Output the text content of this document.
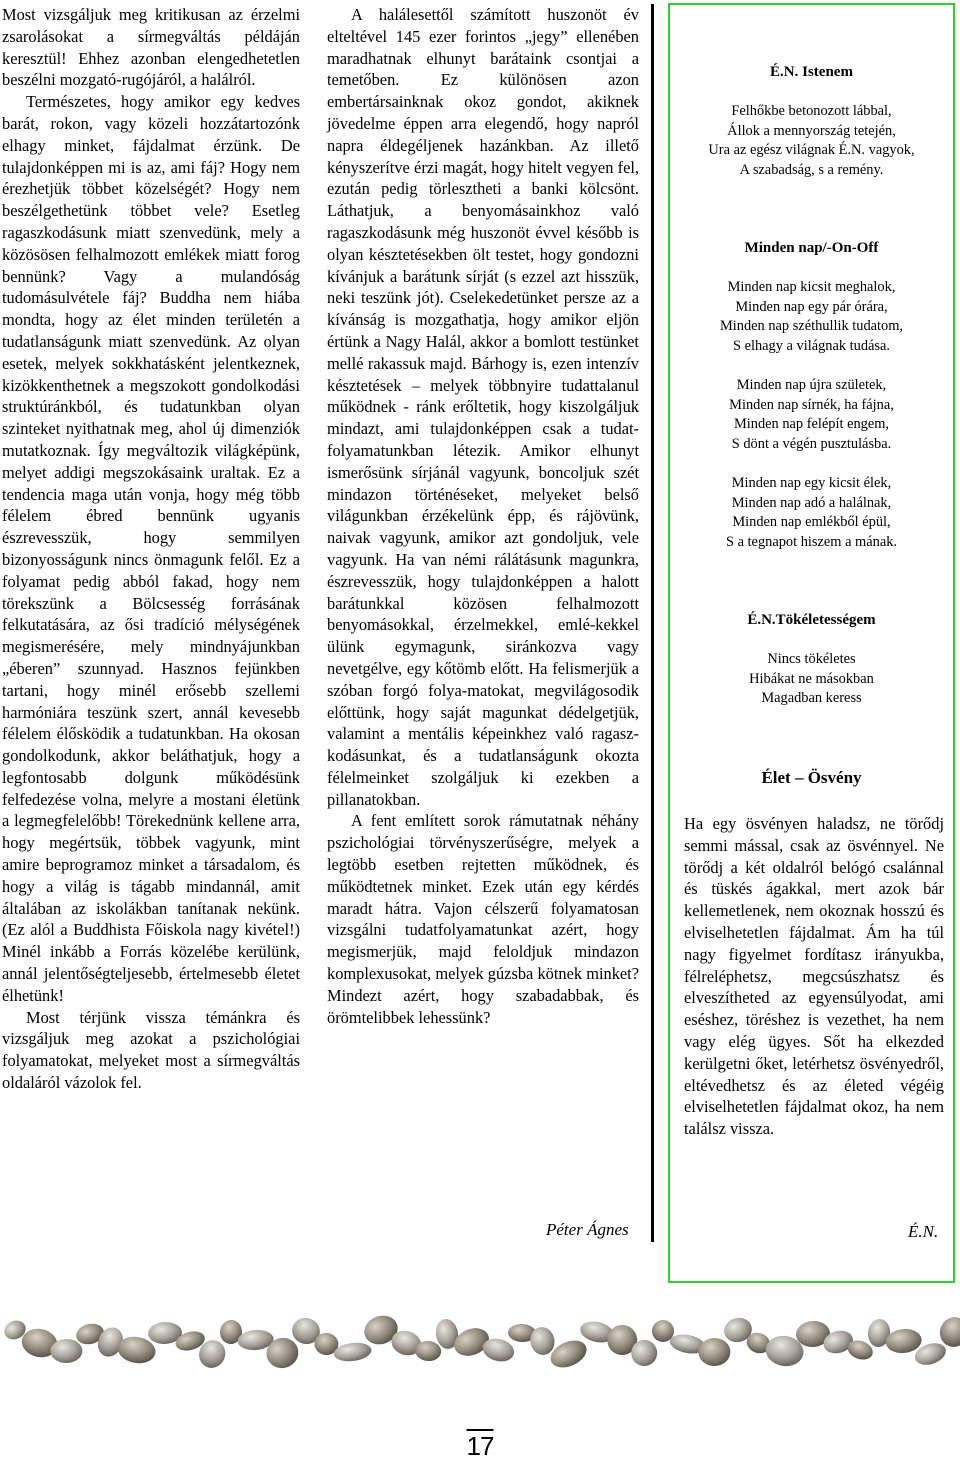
Most vizsgáljuk meg kritikusan az érzelmi zsarolásokat a sírmegváltás példáján keresztül! Ehhez azonban elengedhetetlen beszélni mozgató-rugójáról, a halálról.

Természetes, hogy amikor egy kedves barát, rokon, vagy közeli hozzátartozónk elhagy minket, fájdalmat érzünk. De tulajdonképpen mi is az, ami fáj? Hogy nem érezhetjük többet közelségét? Hogy nem beszélgethetünk többet vele? Esetleg ragaszkodásunk miatt szenvedünk, mely a közösösen felhalmozott emlékek miatt forog bennünk? Vagy a mulandóság tudomásulvétele fáj? Buddha nem hiába mondta, hogy az élet minden területén a tudatlanságunk miatt szenvedünk. Az olyan esetek, melyek sokkhatásként jelentkeznek, kizökkenthetnek a megszokott gondolkodási struktúránkból, és tudatunkban olyan szinteket nyithatnak meg, ahol új dimenziók mutatkoznak. Így megváltozik világképünk, melyet addigi megszokásaink uraltak. Ez a tendencia maga után vonja, hogy még több félelem ébred bennünk ugyanis észrevesszük, hogy semmilyen bizonyosságunk nincs önmagunk felől. Ez a folyamat pedig abból fakad, hogy nem törekszünk a Bölcsesség forrásának felkutatására, az ősi tradíció mélységének megismerésére, mely mindnyájunkban „éberen” szunnyad. Hasznos fejünkben tartani, hogy minél erősebb szellemi harmóniára teszünk szert, annál kevesebb félelem élősködik a tudatunkban. Ha okosan gondolkodunk, akkor beláthatjuk, hogy a legfontosabb dolgunk működésünk felfedezése volna, melyre a mostani életünk a legmegfelelőbb! Törekednünk kellene arra, hogy megértsük, többek vagyunk, mint amire beprogramoz minket a társadalom, és hogy a világ is tágabb mindannál, amit általában az iskolákban tanítanak nekünk. (Ez alól a Buddhista Főiskola nagy kivétel!) Minél inkább a Forrás közelébe kerülünk, annál jelentőségteljesebb, értelmesebb életet élhetünk!

Most térjünk vissza témánkra és vizsgáljuk meg azokat a pszichológiai folyamatokat, melyeket most a sírmegváltás oldaláról vázolok fel.

A halálesettől számított huszonöt év elteltével 145 ezer forintos „jegy” ellenében maradhatnak elhunyt barátaink csontjai a temetőben. Ez különösen azon embertársainknak okoz gondot, akiknek jövedelme éppen arra elegendő, hogy napról napra éldegéljenek hazánkban. Az illető kényszerítve érzi magát, hogy hitelt vegyen fel, ezután pedig törlesztheti a banki kölcsönt. Láthatjuk, a benyomásainkhoz való ragaszkodásunk még huszonöt évvel később is olyan késztetésekben ölt testet, hogy gondozni kívánjuk a barátunk sírját (s ezzel azt hisszük, neki teszünk jót). Cselekedetünket persze az a kívánság is mozgathatja, hogy amikor eljön értünk a Nagy Halál, akkor a bomlott testünket mellé rakassuk majd. Bárhogy is, ezen intenzív késztetések – melyek többnyire tudattalanul működnek - ránk erőltetik, hogy kiszolgáljuk mindazt, ami tulajdonképpen csak a tudat-folyamatunkban létezik. Amikor elhunyt ismerősünk sírjánál vagyunk, boncoljuk szét mindazon történéseket, melyeket belső világunkban érzékelünk épp, és rájövünk, naivak vagyunk, amikor azt gondoljuk, vele vagyunk. Ha van némi rálátásunk magunkra, észrevesszük, hogy tulajdonképpen a halott barátunkkal közösen felhalmozott benyomásokkal, érzelmekkel, emlé-kekkel ülünk egymagunk, siránkozva vagy nevetgélve, egy kőtömb előtt. Ha felismerjük a szóban forgó folya-matokat, megvilágosodik előttünk, hogy saját magunkat dédelgetjük, valamint a mentális képeinkhez való ragasz-kodásunkat, és a tudatlanságunk okozta félelmeinket szolgáljuk ki ezekben a pillanatokban.

A fent említett sorok rámutatnak néhány pszichológiai törvényszerűségre, melyek a legtöbb esetben rejtetten működnek, és működtetnek minket. Ezek után egy kérdés maradt hátra. Vajon célszerű folyamatosan vizsgálni tudatfolyamatunkat azért, hogy megismerjük, majd feloldjuk mindazon komplexusokat, melyek gúzsba kötnek minket? Mindezt azért, hogy szabadabbak, és örömtelibbek lehessünk?

Péter Ágnes
É.N. Istenem
Felhőkbe betonozott lábbal,
Állok a mennyország tetején,
Ura az egész világnak É.N. vagyok,
A szabadság, s a remény.
Minden nap/-On-Off
Minden nap kicsit meghalok,
Minden nap egy pár órára,
Minden nap széthullik tudatom,
S elhagy a világnak tudása.
Minden nap újra születek,
Minden nap sírnék, ha fájna,
Minden nap felépít engem,
S dönt a végén pusztulásba.
Minden nap egy kicsit élek,
Minden nap adó a halálnak,
Minden nap emlékből épül,
S a tegnapot hiszem a mának.
É.N.Tökéletességem
Nincs tökéletes
Hibákat ne másokban
Magadban keress
Élet – Ösvény
Ha egy ösvényen haladsz, ne törődj semmi mással, csak az ösvénnyel. Ne törődj a két oldalról belógó csalánnal és tüskés ágakkal, mert azok bár kellemetlenek, nem okoznak hosszú és elviselhetetlen fájdalmat. Ám ha túl nagy figyelmet fordítasz irányukba, félreléphetsz, megcsúszhatsz és elveszítheted az egyensúlyodat, ami eséshez, töréshez is vezethet, ha nem vagy elég ügyes. Sőt ha elkezded kerülgetni őket, letérhetsz ösvényedről, eltévedhetsz és az életed végéig elviselhetetlen fájdalmat okoz, ha nem találsz vissza.
É.N.
17
